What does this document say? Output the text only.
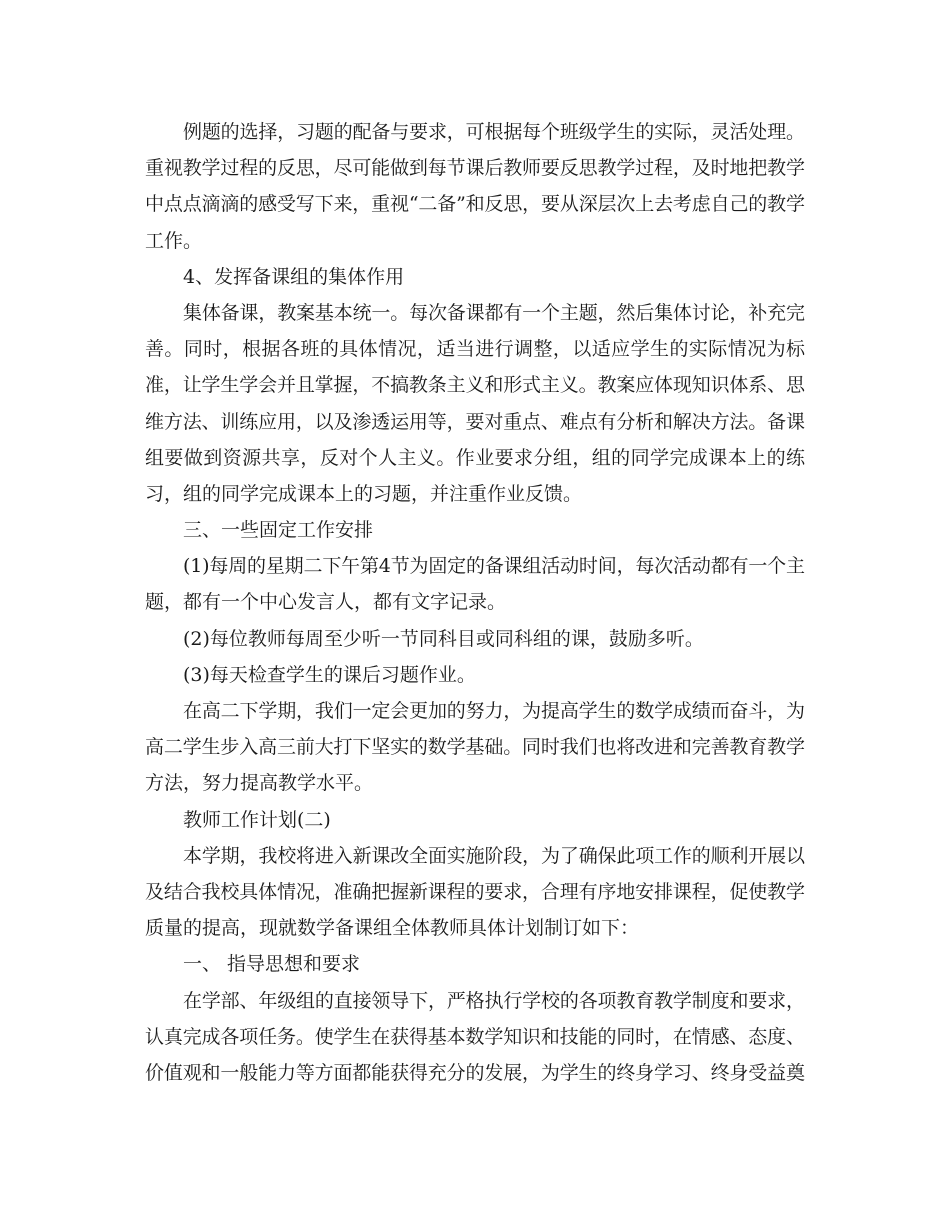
例题的选择，习题的配备与要求，可根据每个班级学生的实际，灵活处理。
重视教学过程的反思，尽可能做到每节课后教师要反思教学过程，及时地把教学
中点点滴滴的感受写下来，重视“二备”和反思，要从深层次上去考虑自己的教学
工作。
4、发挥备课组的集体作用
集体备课，教案基本统一。每次备课都有一个主题，然后集体讨论，补充完
善。同时，根据各班的具体情况，适当进行调整，以适应学生的实际情况为标
准，让学生学会并且掌握，不搞教条主义和形式主义。教案应体现知识体系、思
维方法、训练应用，以及渗透运用等，要对重点、难点有分析和解决方法。备课
组要做到资源共享，反对个人主义。作业要求分组，组的同学完成课本上的练
习，组的同学完成课本上的习题，并注重作业反馈。
三、一些固定工作安排
(1)每周的星期二下午第4节为固定的备课组活动时间，每次活动都有一个主
题，都有一个中心发言人，都有文字记录。
(2)每位教师每周至少听一节同科目或同科组的课，鼓励多听。
(3)每天检查学生的课后习题作业。
在高二下学期，我们一定会更加的努力，为提高学生的数学成绩而奋斗，为
高二学生步入高三前大打下坚实的数学基础。同时我们也将改进和完善教育教学
方法，努力提高教学水平。
教师工作计划(二)
本学期，我校将进入新课改全面实施阶段，为了确保此项工作的顺利开展以
及结合我校具体情况，准确把握新课程的要求，合理有序地安排课程，促使教学
质量的提高，现就数学备课组全体教师具体计划制订如下：
一、 指导思想和要求
在学部、年级组的直接领导下，严格执行学校的各项教育教学制度和要求，
认真完成各项任务。使学生在获得基本数学知识和技能的同时，在情感、态度、
价值观和一般能力等方面都能获得充分的发展，为学生的终身学习、终身受益奠
